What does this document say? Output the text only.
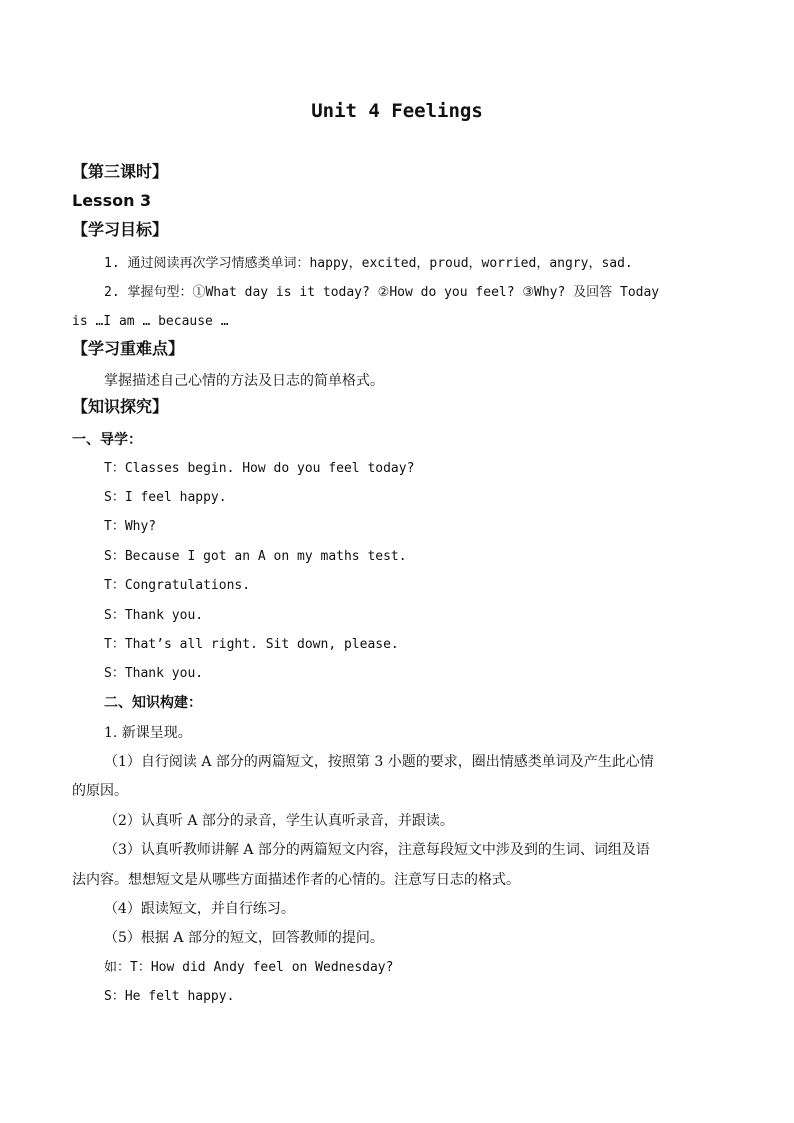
Unit 4 Feelings
【第三课时】
Lesson 3
【学习目标】
1. 通过阅读再次学习情感类单词：happy，excited，proud，worried，angry，sad.
2. 掌握句型：①What day is it today? ②How do you feel? ③Why? 及回答 Today
is …I am … because …
【学习重难点】
掌握描述自己心情的方法及日志的简单格式。
【知识探究】
一、导学：
T：Classes begin. How do you feel today?
S：I feel happy.
T：Why?
S：Because I got an A on my maths test.
T：Congratulations.
S：Thank you.
T：That’s all right. Sit down, please.
S：Thank you.
二、知识构建：
1. 新课呈现。
（1）自行阅读 A 部分的两篇短文，按照第 3 小题的要求，圈出情感类单词及产生此心情
的原因。
（2）认真听 A 部分的录音，学生认真听录音，并跟读。
（3）认真听教师讲解 A 部分的两篇短文内容，注意每段短文中涉及到的生词、词组及语
法内容。想想短文是从哪些方面描述作者的心情的。注意写日志的格式。
（4）跟读短文，并自行练习。
（5）根据 A 部分的短文，回答教师的提问。
如：T：How did Andy feel on Wednesday?
S：He felt happy.
